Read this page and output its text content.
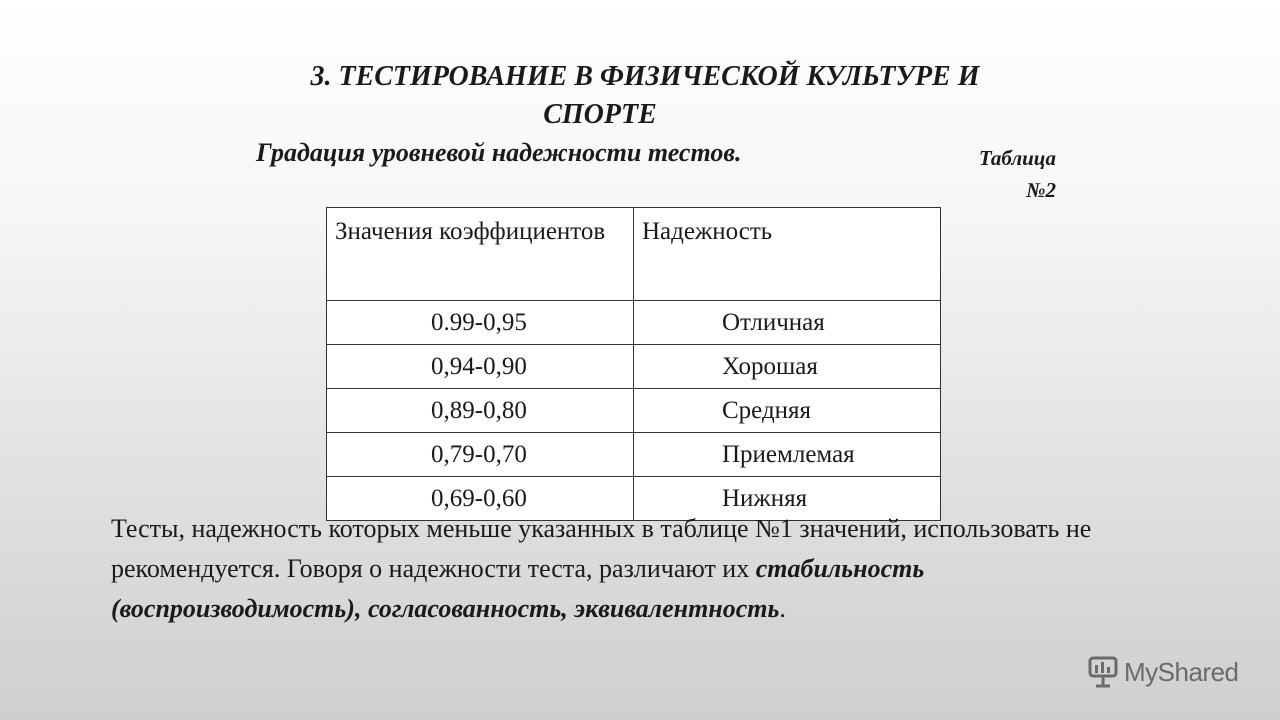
3. ТЕСТИРОВАНИЕ В ФИЗИЧЕСКОЙ КУЛЬТУРЕ И
СПОРТЕ
Градация уровневой надежности тестов.	Таблица
№2
Значения коэффициентов	Надежность
0.99-0,95	Отличная
0,94-0,90	Хорошая
0,89-0,80	Средняя
0,79-0,70	Приемлемая
0,69-0,60	Нижняя

Тесты, надежность которых меньше указанных в таблице №1 значений, использовать не рекомендуется. Говоря о надежности теста, различают их стабильность (воспроизводимость), согласованность, эквивалентность.

MyShared
